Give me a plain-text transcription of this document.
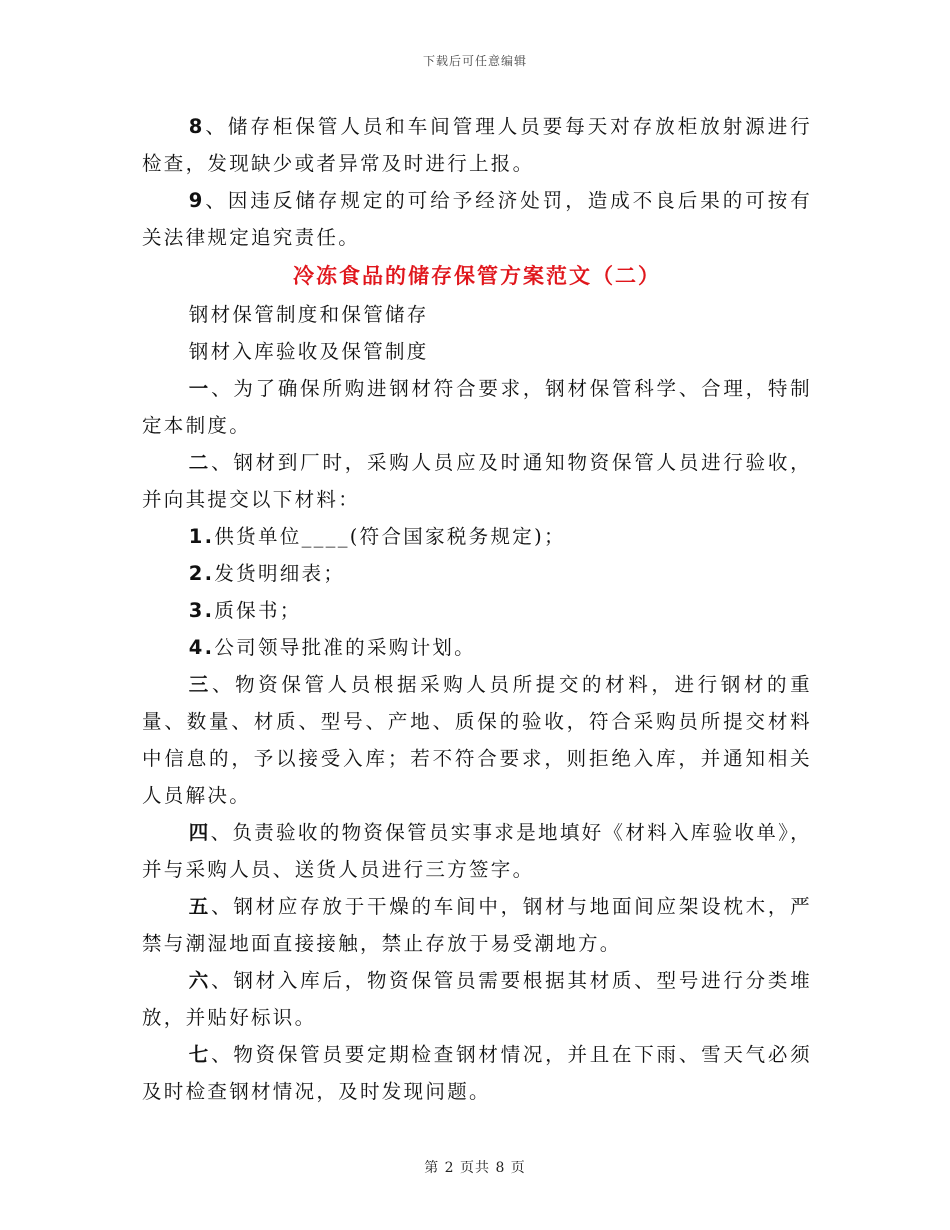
下载后可任意编辑

8、储存柜保管人员和车间管理人员要每天对存放柜放射源进行检查，发现缺少或者异常及时进行上报。

9、因违反储存规定的可给予经济处罚，造成不良后果的可按有关法律规定追究责任。

冷冻食品的储存保管方案范文（二）

钢材保管制度和保管储存

钢材入库验收及保管制度

一、为了确保所购进钢材符合要求，钢材保管科学、合理，特制定本制度。

二、钢材到厂时，采购人员应及时通知物资保管人员进行验收，并向其提交以下材料：

1.供货单位____(符合国家税务规定)；

2.发货明细表；

3.质保书；

4.公司领导批准的采购计划。

三、物资保管人员根据采购人员所提交的材料，进行钢材的重量、数量、材质、型号、产地、质保的验收，符合采购员所提交材料中信息的，予以接受入库；若不符合要求，则拒绝入库，并通知相关人员解决。

四、负责验收的物资保管员实事求是地填好《材料入库验收单》，并与采购人员、送货人员进行三方签字。

五、钢材应存放于干燥的车间中，钢材与地面间应架设枕木，严禁与潮湿地面直接接触，禁止存放于易受潮地方。

六、钢材入库后，物资保管员需要根据其材质、型号进行分类堆放，并贴好标识。

七、物资保管员要定期检查钢材情况，并且在下雨、雪天气必须及时检查钢材情况，及时发现问题。

第 2 页共 8 页
